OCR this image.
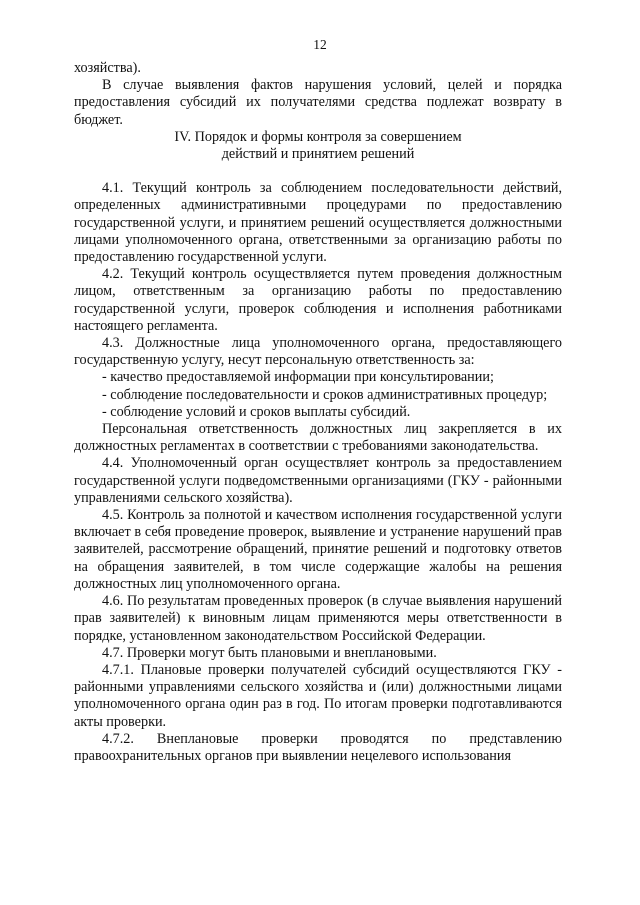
12

хозяйства).

В случае выявления фактов нарушения условий, целей и порядка предоставления субсидий их получателями средства подлежат возврату в бюджет.

IV. Порядок и формы контроля за совершением
действий и принятием решений

4.1. Текущий контроль за соблюдением последовательности действий, определенных административными процедурами по предоставлению государственной услуги, и принятием решений осуществляется должностными лицами уполномоченного органа, ответственными за организацию работы по предоставлению государственной услуги.

4.2. Текущий контроль осуществляется путем проведения должностным лицом, ответственным за организацию работы по предоставлению государственной услуги, проверок соблюдения и исполнения работниками настоящего регламента.

4.3. Должностные лица уполномоченного органа, предоставляющего государственную услугу, несут персональную ответственность за:

- качество предоставляемой информации при консультировании;

- соблюдение последовательности и сроков административных процедур;

- соблюдение условий и сроков выплаты субсидий.

Персональная ответственность должностных лиц закрепляется в их должностных регламентах в соответствии с требованиями законодательства.

4.4. Уполномоченный орган осуществляет контроль за предоставлением государственной услуги подведомственными организациями (ГКУ - районными управлениями сельского хозяйства).

4.5. Контроль за полнотой и качеством исполнения государственной услуги включает в себя проведение проверок, выявление и устранение нарушений прав заявителей, рассмотрение обращений, принятие решений и подготовку ответов на обращения заявителей, в том числе содержащие жалобы на решения должностных лиц уполномоченного органа.

4.6. По результатам проведенных проверок (в случае выявления нарушений прав заявителей) к виновным лицам применяются меры ответственности в порядке, установленном законодательством Российской Федерации.

4.7. Проверки могут быть плановыми и внеплановыми.

4.7.1. Плановые проверки получателей субсидий осуществляются ГКУ - районными управлениями сельского хозяйства и (или) должностными лицами уполномоченного органа один раз в год. По итогам проверки подготавливаются акты проверки.

4.7.2. Внеплановые проверки проводятся по представлению правоохранительных органов при выявлении нецелевого использования
